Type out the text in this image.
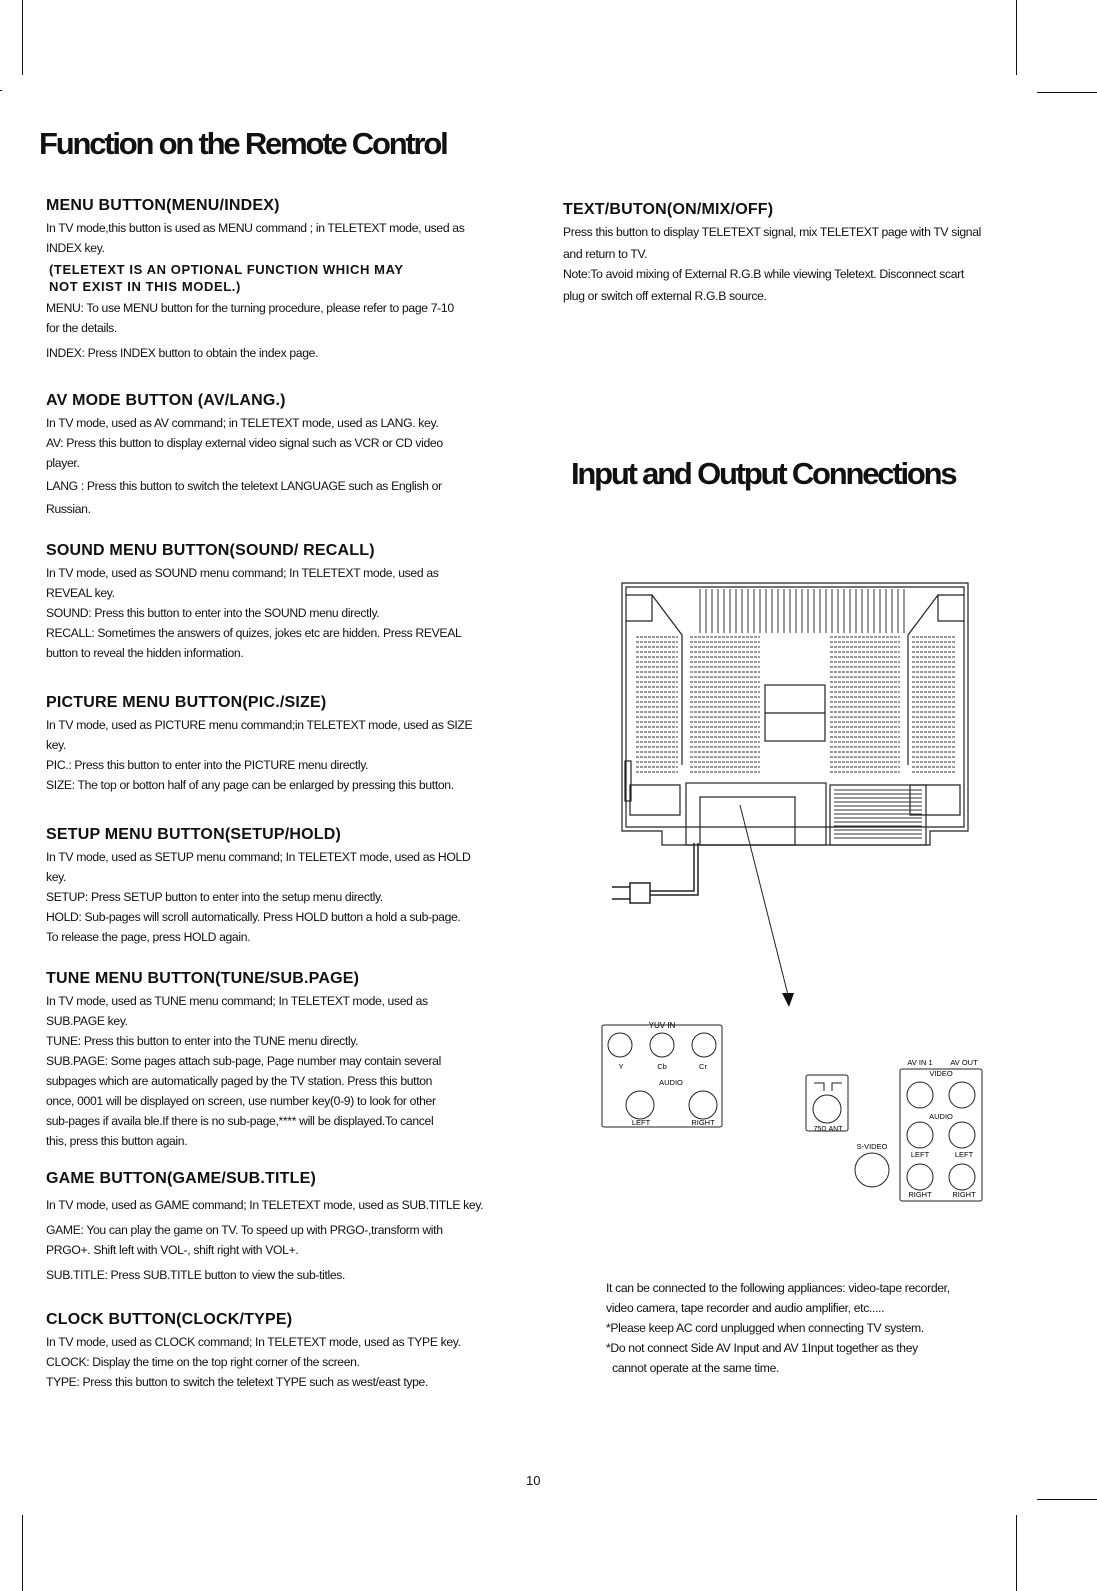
Function on the Remote Control
Input and Output Connections
MENU BUTTON(MENU/INDEX)

In TV mode,this button is used as MENU command ; in TELETEXT mode, used as

INDEX key.

(TELETEXT IS AN OPTIONAL FUNCTION WHICH MAY

NOT EXIST IN THIS MODEL.)

MENU: To use MENU button for the turning procedure, please refer to page 7-10

for the details.

INDEX: Press INDEX button to obtain the index page.

AV MODE BUTTON (AV/LANG.)

In TV mode, used as AV command; in TELETEXT mode, used as LANG. key.

AV: Press this button to display external video signal such as VCR or CD video

player.

LANG : Press this button to switch the teletext LANGUAGE such as English or

Russian.

SOUND MENU BUTTON(SOUND/ RECALL)

In TV mode, used as SOUND menu command; In TELETEXT mode, used as

REVEAL key.

SOUND: Press this button to enter into the SOUND menu directly.

RECALL: Sometimes the answers of quizes, jokes etc are hidden. Press REVEAL

button to reveal the hidden information.

PICTURE MENU BUTTON(PIC./SIZE)

In TV mode, used as PICTURE menu command;in TELETEXT mode, used as SIZE

key.

PIC.: Press this button to enter into the PICTURE menu directly.

SIZE: The top or botton half of any page can be enlarged by pressing this button.

SETUP MENU BUTTON(SETUP/HOLD)

In TV mode, used as SETUP menu command; In TELETEXT mode, used as HOLD

key.

SETUP: Press SETUP button to enter into the setup menu directly.

HOLD: Sub-pages will scroll automatically. Press HOLD button a hold a sub-page.

To release the page, press HOLD again.

TUNE MENU BUTTON(TUNE/SUB.PAGE)

In TV mode, used as TUNE menu command; In TELETEXT mode, used as

SUB.PAGE key.

TUNE: Press this button to enter into the TUNE menu directly.

SUB.PAGE: Some pages attach sub-page, Page number may contain several

subpages which are automatically paged by the TV station. Press this button

once, 0001 will be displayed on screen, use number key(0-9) to look for other

sub-pages if availa ble.If there is no sub-page,**** will be displayed.To cancel

this, press this button again.

GAME BUTTON(GAME/SUB.TITLE)

In TV mode, used as GAME command; In TELETEXT mode, used as SUB.TITLE key.

GAME: You can play the game on TV. To speed up with PRGO-,transform with

PRGO+. Shift left with VOL-, shift right with VOL+.

SUB.TITLE: Press SUB.TITLE button to view the sub-titles.

CLOCK BUTTON(CLOCK/TYPE)

In TV mode, used as CLOCK command; In TELETEXT mode, used as TYPE key.

CLOCK: Display the time on the top right corner of the screen.

TYPE: Press this button to switch the teletext TYPE such as west/east type.

TEXT/BUTON(ON/MIX/OFF)

Press this button to display TELETEXT signal, mix TELETEXT page with TV signal

and return to TV.

Note:To avoid mixing of External R.G.B while viewing Teletext. Disconnect scart

plug or switch off external R.G.B source.

YUV IN
Y	Cb	Cr
AUDIO
LEFT	RIGHT
75Ω ANT
S-VIDEO
AV IN 1 AV OUT
VIDEO
AUDIO
LEFT	LEFT
RIGHT	RIGHT

It can be connected to the following appliances: video-tape recorder,

video camera, tape recorder and audio amplifier, etc.....

*Please keep AC cord unplugged when connecting TV system.

*Do not connect Side AV Input and AV 1Input together as they

cannot operate at the same time.

10
